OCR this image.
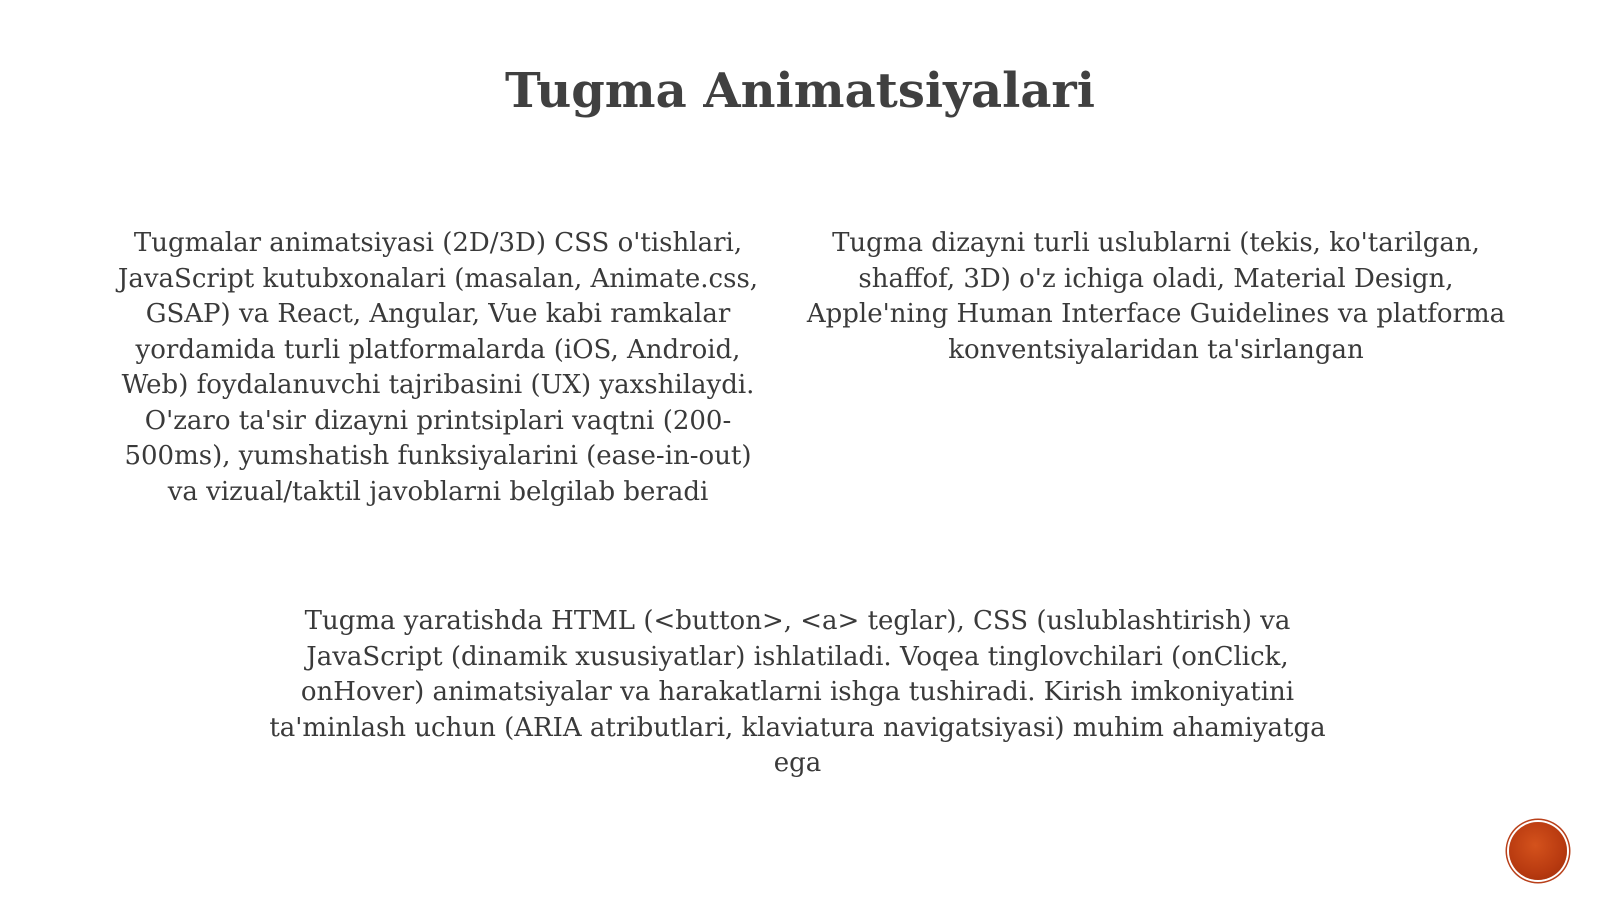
Tugma Animatsiyalari

Tugmalar animatsiyasi (2D/3D) CSS o'tishlari, JavaScript kutubxonalari (masalan, Animate.css, GSAP) va React, Angular, Vue kabi ramkalar yordamida turli platformalarda (iOS, Android, Web) foydalanuvchi tajribasini (UX) yaxshilaydi. O'zaro ta'sir dizayni printsiplari vaqtni (200-500ms), yumshatish funksiyalarini (ease-in-out) va vizual/taktil javoblarni belgilab beradi

Tugma dizayni turli uslublarni (tekis, ko'tarilgan, shaffof, 3D) o'z ichiga oladi, Material Design, Apple'ning Human Interface Guidelines va platforma konventsiyalaridan ta'sirlangan

Tugma yaratishda HTML (<button>, <a> teglar), CSS (uslublashtirish) va JavaScript (dinamik xususiyatlar) ishlatiladi. Voqea tinglovchilari (onClick, onHover) animatsiyalar va harakatlarni ishga tushiradi. Kirish imkoniyatini ta'minlash uchun (ARIA atributlari, klaviatura navigatsiyasi) muhim ahamiyatga ega
